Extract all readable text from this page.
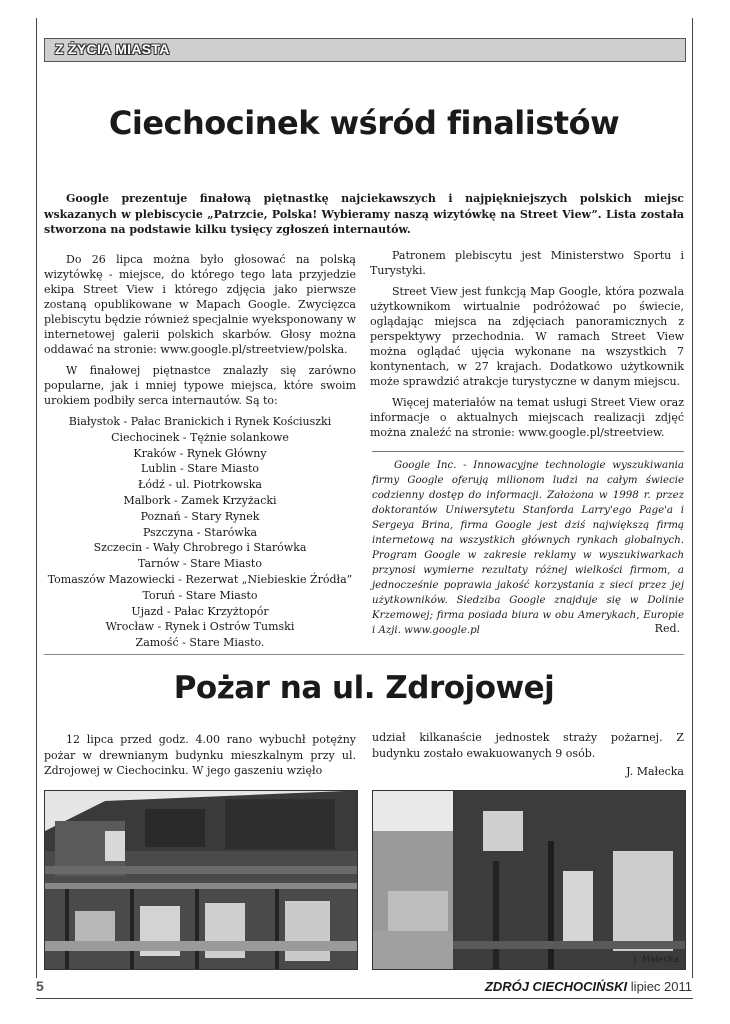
Z ŻYCIA MIASTA
Ciechocinek wśród finalistów

Google prezentuje finałową piętnastkę najciekawszych i najpiękniejszych polskich miejsc wskazanych w plebiscycie „Patrzcie, Polska! Wybieramy naszą wizytówkę na Street View”. Lista została stworzona na podstawie kilku tysięcy zgłoszeń internautów.

Do 26 lipca można było głosować na polską wizytówkę - miejsce, do którego tego lata przyjedzie ekipa Street View i którego zdjęcia jako pierwsze zostaną opublikowane w Mapach Google. Zwycięzca plebiscytu będzie również specjalnie wyeksponowany w internetowej galerii polskich skarbów. Głosy można oddawać na stronie: www.google.pl/streetview/polska.

W finałowej piętnastce znalazły się zarówno popularne, jak i mniej typowe miejsca, które swoim urokiem podbiły serca internautów. Są to:

Białystok - Pałac Branickich i Rynek Kościuszki
Ciechocinek - Tężnie solankowe
Kraków - Rynek Główny
Lublin - Stare Miasto
Łódź - ul. Piotrkowska
Malbork - Zamek Krzyżacki
Poznań - Stary Rynek
Pszczyna - Starówka
Szczecin - Wały Chrobrego i Starówka
Tarnów - Stare Miasto
Tomaszów Mazowiecki - Rezerwat „Niebieskie Źródła”
Toruń - Stare Miasto
Ujazd - Pałac Krzyżtopór
Wrocław - Rynek i Ostrów Tumski
Zamość - Stare Miasto.

Patronem plebiscytu jest Ministerstwo Sportu i Turystyki.

Street View jest funkcją Map Google, która pozwala użytkownikom wirtualnie podróżować po świecie, oglądając miejsca na zdjęciach panoramicznych z perspektywy przechodnia. W ramach Street View można oglądać ujęcia wykonane na wszystkich 7 kontynentach, w 27 krajach. Dodatkowo użytkownik może sprawdzić atrakcje turystyczne w danym miejscu.

Więcej materiałów na temat usługi Street View oraz informacje o aktualnych miejscach realizacji zdjęć można znaleźć na stronie: www.google.pl/streetview.

Google Inc. - Innowacyjne technologie wyszukiwania firmy Google oferują milionom ludzi na całym świecie codzienny dostęp do informacji. Założona w 1998 r. przez doktorantów Uniwersytetu Stanforda Larry'ego Page'a i Sergeya Brina, firma Google jest dziś największą firmą internetową na wszystkich głównych rynkach globalnych. Program Google w zakresie reklamy w wyszukiwarkach przynosi wymierne rezultaty różnej wielkości firmom, a jednocześnie poprawia jakość korzystania z sieci przez jej użytkowników. Siedziba Google znajduje się w Dolinie Krzemowej; firma posiada biura w obu Amerykach, Europie i Azji. www.google.pl	Red.
Pożar na ul. Zdrojowej

12 lipca przed godz. 4.00 rano wybuchł potężny pożar w drewnianym budynku mieszkalnym przy ul. Zdrojowej w Ciechocinku. W jego gaszeniu wzięło

udział kilkanaście jednostek straży pożarnej. Z budynku zostało ewakuowanych 9 osób.

J. Małecka
J. Małecka
5	ZDRÓJ CIECHOCIŃSKI lipiec 2011
